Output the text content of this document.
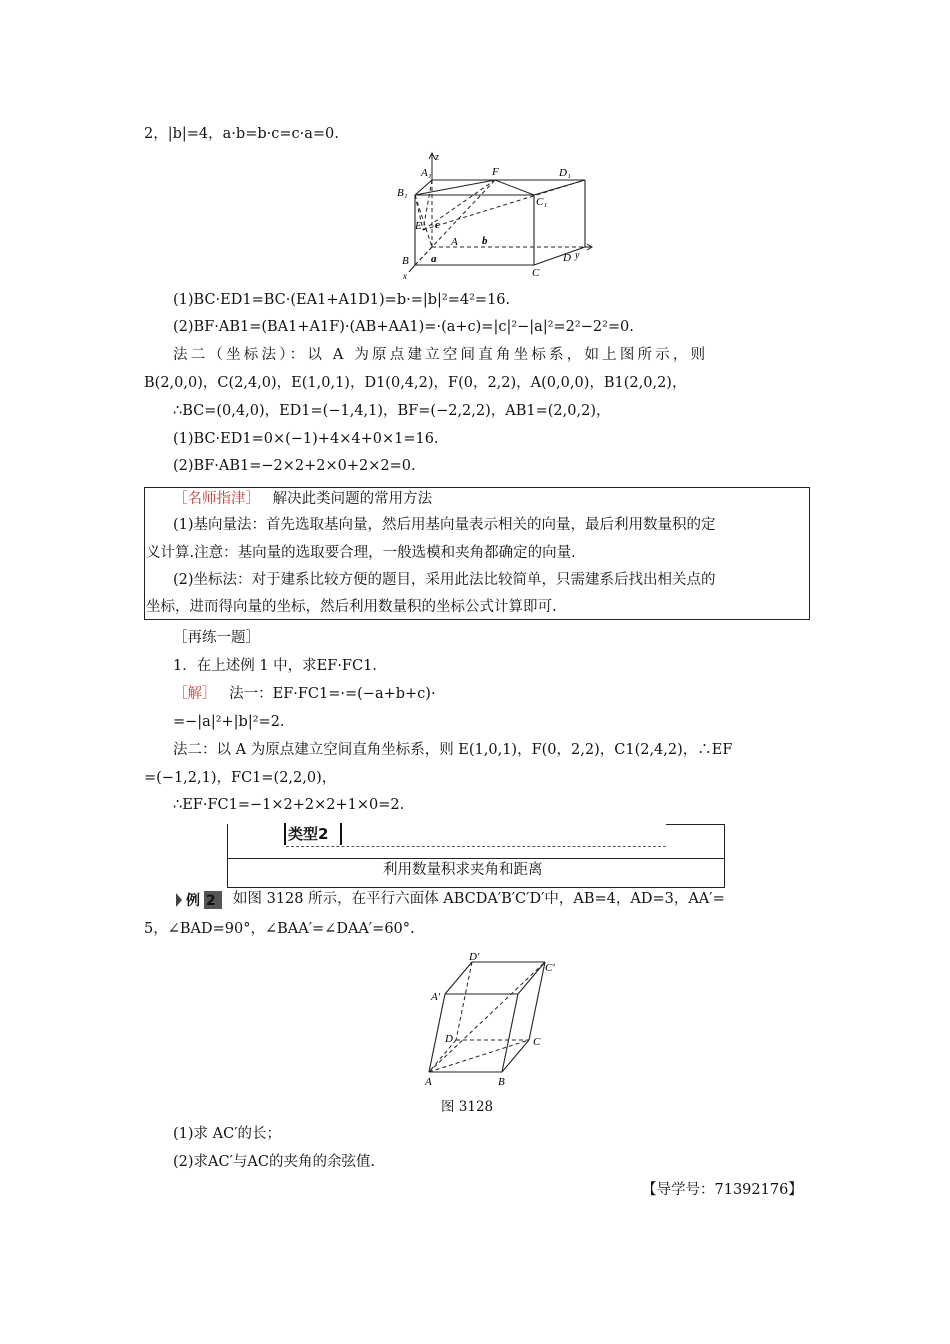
2，|b|=4，a·b=b·c=c·a=0.
z
A₁	F	D₁
B₁
C₁
E c
A b
B a
x
D y
C
(1)BC·ED1=BC·(EA1+A1D1)=b·=|b|²=4²=16.
(2)BF·AB1=(BA1+A1F)·(AB+AA1)=·(a+c)=|c|²−|a|²=2²−2²=0.
法二（坐标法）：以 A 为原点建立空间直角坐标系，如上图所示，则
B(2,0,0)，C(2,4,0)，E(1,0,1)，D1(0,4,2)，F(0，2,2)，A(0,0,0)，B1(2,0,2)，
∴BC=(0,4,0)，ED1=(−1,4,1)，BF=(−2,2,2)，AB1=(2,0,2)，
(1)BC·ED1=0×(−1)+4×4+0×1=16.
(2)BF·AB1=−2×2+2×0+2×2=0.
［名师指津］ 解决此类问题的常用方法
(1)基向量法：首先选取基向量，然后用基向量表示相关的向量，最后利用数量积的定
义计算.注意：基向量的选取要合理，一般选模和夹角都确定的向量.
(2)坐标法：对于建系比较方便的题目，采用此法比较简单，只需建系后找出相关点的
坐标，进而得向量的坐标，然后利用数量积的坐标公式计算即可.
［再练一题］
1．在上述例 1 中，求EF·FC1.
［解］ 法一：EF·FC1=·=(−a+b+c)·
=−|a|²+|b|²=2.
法二：以 A 为原点建立空间直角坐标系，则 E(1,0,1)，F(0，2,2)，C1(2,4,2)，∴EF
=(−1,2,1)，FC1=(2,2,0)，
∴EF·FC1=−1×2+2×2+1×0=2.
类型2
利用数量积求夹角和距离
例2 如图 3128 所示，在平行六面体 ABCDA′B′C′D′中，AB=4，AD=3，AA′=
5，∠BAD=90°，∠BAA′=∠DAA′=60°.
D′
C′
A′
D	C
A	B
图 3128
(1)求 AC′的长；
(2)求AC′与AC的夹角的余弦值.
【导学号：71392176】
